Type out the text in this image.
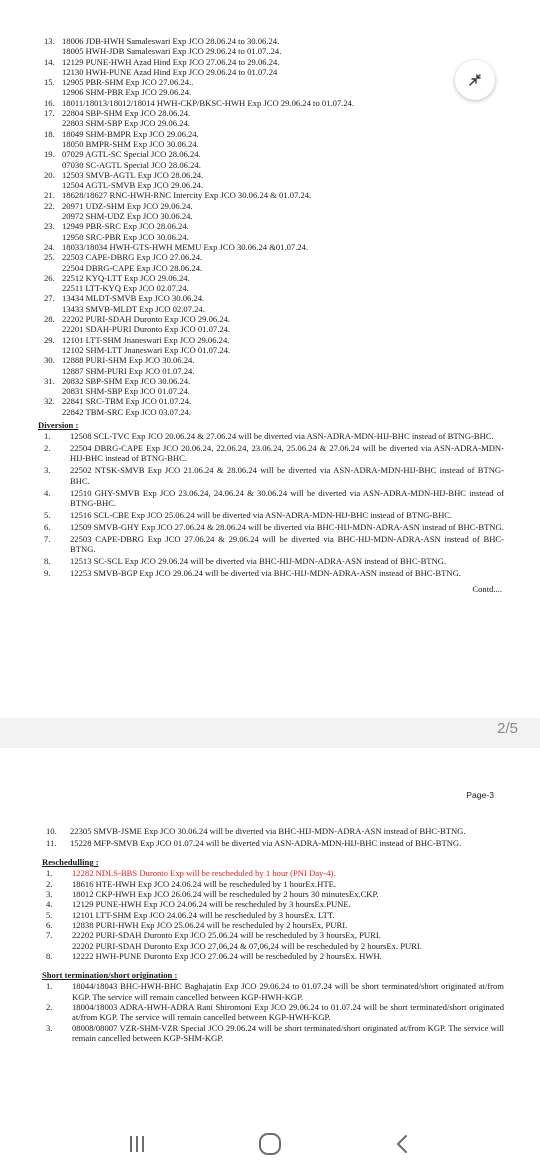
13. 18006 JDB-HWH Samaleswari Exp JCO 28.06.24 to 30.06.24.
18005 HWH-JDB Samaleswari Exp JCO 29.06.24 to 01.07..24.
14. 12129 PUNE-HWH Azad Hind Exp JCO 27.06.24 to 29.06.24.
12130 HWH-PUNE Azad Hind Exp JCO 29.06.24 to 01.07.24
15. 12905 PBR-SHM Exp JCO 27.06.24..
12906 SHM-PBR Exp JCO 29.06.24.
16. 18011/18013/18012/18014 HWH-CKP/BKSC-HWH Exp JCO 29.06.24 to 01.07.24.
17. 22804 SBP-SHM Exp JCO 28.06.24.
22803 SHM-SBP Exp JCO 29.06.24.
18. 18049 SHM-BMPR Exp JCO 29.06.24.
18050 BMPR-SHM Exp JCO 30.06.24.
19. 07029 AGTL-SC Special JCO 28.06.24.
07030 SC-AGTL Special JCO 28.06.24.
20. 12503 SMVB-AGTL Exp JCO 28.06.24.
12504 AGTL-SMVB Exp JCO 29.06.24.
21. 18628/18627 RNC-HWH-RNC Intercity Exp JCO 30.06.24 & 01.07.24.
22. 20971 UDZ-SHM Exp JCO 29.06.24.
20972 SHM-UDZ Exp JCO 30.06.24.
23. 12949 PBR-SRC Exp JCO 28.06.24.
12950 SRC-PBR Exp JCO 30.06.24.
24. 18033/18034 HWH-GTS-HWH MEMU Exp JCO 30.06.24 &01.07.24.
25. 22503 CAPE-DBRG Exp JCO 27.06.24.
22504 DBRG-CAPE Exp JCO 28.06.24.
26. 22512 KYQ-LTT Exp JCO 29.06.24.
22511 LTT-KYQ Exp JCO 02.07.24.
27. 13434 MLDT-SMVB Exp JCO 30.06.24.
13433 SMVB-MLDT Exp JCO 02.07.24.
28. 22202 PURI-SDAH Duronto Exp JCO 29.06.24.
22201 SDAH-PURI Duronto Exp JCO 01.07.24.
29. 12101 LTT-SHM Jnaneswari Exp JCO 29.06.24.
12102 SHM-LTT Jnaneswari Exp JCO 01.07.24.
30. 12888 PURI-SHM Exp JCO 30.06.24.
12887 SHM-PURI Exp JCO 01.07.24.
31. 20832 SBP-SHM Exp JCO 30.06.24.
20831 SHM-SBP Exp JCO 01.07.24.
32. 22841 SRC-TBM Exp JCO 01.07.24.
22842 TBM-SRC Exp JCO 03.07.24.
Diversion :
1.	12508 SCL-TVC Exp JCO 20.06.24 & 27.06.24 will be diverted via ASN-ADRA-MDN-HIJ-BHC instead of BTNG-BHC.
2.	22504 DBRG-CAPE Exp JCO 20.06.24, 22.06.24, 23.06.24, 25.06.24 & 27.06.24 will be diverted via ASN-ADRA-MDN-HIJ-BHC instead of BTNG-BHC.
3.	22502 NTSK-SMVB Exp JCO 21.06.24 & 28.06.24 will be diverted via ASN-ADRA-MDN-HIJ-BHC instead of BTNG-BHC.
4.	12510 GHY-SMVB Exp JCO 23.06.24, 24.06.24 & 30.06.24 will be diverted via ASN-ADRA-MDN-HIJ-BHC instead of BTNG-BHC.
5.	12516 SCL-CBE Exp JCO 25.06.24 will be diverted via ASN-ADRA-MDN-HIJ-BHC instead of BTNG-BHC.
6.	12509 SMVB-GHY Exp JCO 27.06.24 & 28.06.24 will be diverted via BHC-HIJ-MDN-ADRA-ASN instead of BHC-BTNG.
7.	22503 CAPE-DBRG Exp JCO 27.06.24 & 29.06.24 will be diverted via BHC-HIJ-MDN-ADRA-ASN instead of BHC-BTNG.
8.	12513 SC-SCL Exp JCO 29.06.24 will be diverted via BHC-HIJ-MDN-ADRA-ASN instead of BHC-BTNG.
9.	12253 SMVB-BGP Exp JCO 29.06.24 will be diverted via BHC-HIJ-MDN-ADRA-ASN instead of BHC-BTNG.
Contd....
2/5
Page-3
10.	22305 SMVB-JSME Exp JCO 30.06.24 will be diverted via BHC-HIJ-MDN-ADRA-ASN instead of BHC-BTNG.
11.	15228 MFP-SMVB Exp JCO 01.07.24 will be diverted via ASN-ADRA-MDN-HIJ-BHC instead of BHC-BTNG.
Reschedulling :
1.	12282 NDLS-BBS Duronto Exp will be rescheduled by 1 hour (PNI Day-4).
2.	18616 HTE-HWH Exp JCO 24.06.24 will be rescheduled by 1 hourEx.HTE.
3.	18012 CKP-HWH Exp JCO 26.06.24 will be rescheduled by 2 hours 30 minutesEx.CKP.
4.	12129 PUNE-HWH Exp JCO 24.06.24 will be rescheduled by 3 hoursEx.PUNE.
5.	12101 LTT-SHM Exp JCO 24.06.24 will be rescheduled by 3 hoursEx. LTT.
6.	12838 PURI-HWH Exp JCO 25.06.24 will be rescheduled by 2 hoursEx, PURI.
7.	22202 PURI-SDAH Duronto Exp JCO 25.06.24 will be rescheduled by 3 hoursEx, PURI.
22202 PURI-SDAH Duronto Exp JCO 27,06,24 & 07,06,24 will be rescheduled by 2 hoursEx. PURI.
8.	12222 HWH-PUNE Duronto Exp JCO 27.06.24 will be rescheduled by 2 hoursEx. HWH.
Short termination/short origination :
1.	18044/18043 BHC-HWH-BHC Baghajatin Exp JCO 29.06.24 to 01.07.24 will be short terminated/short originated at/from KGP. The service will remain cancelled between KGP-HWH-KGP.
2.	18004/18003 ADRA-HWH-ADRA Rani Shiromoni Exp JCO 29.06.24 to 01.07.24 will be short terminated/short originated at/from KGP. The service will remain cancelled between KGP-HWH-KGP.
3.	08008/08007 VZR-SHM-VZR Special JCO 29.06.24 will be short terminated/short originated at/from KGP. The service will remain cancelled between KGP-SHM-KGP.
